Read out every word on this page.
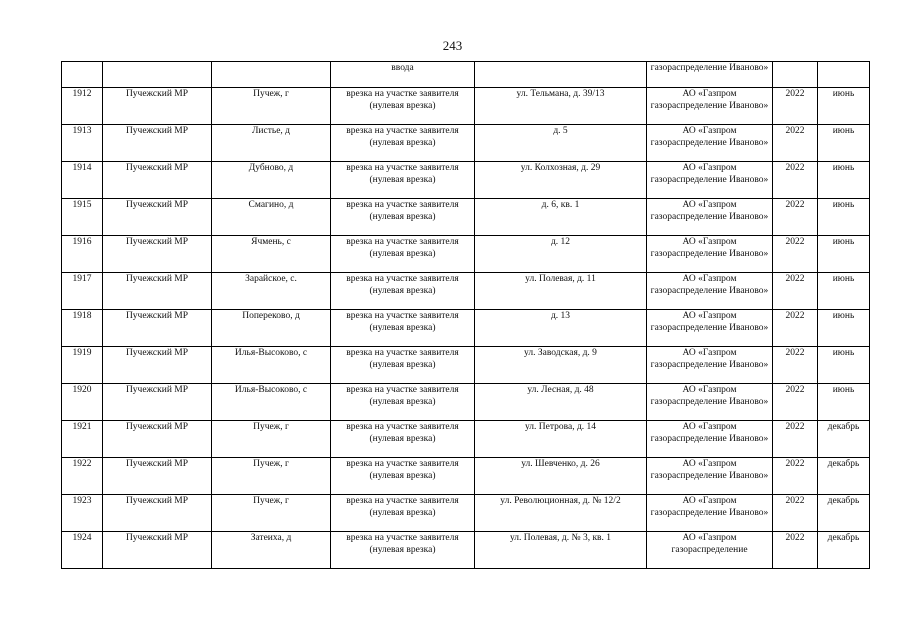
243
			ввода		газораспределение Иваново»		
1912	Пучежский МР	Пучеж, г	врезка на участке заявителя (нулевая врезка)	ул. Тельмана, д. 39/13	АО «Газпром газораспределение Иваново»	2022	июнь
1913	Пучежский МР	Листье, д	врезка на участке заявителя (нулевая врезка)	д. 5	АО «Газпром газораспределение Иваново»	2022	июнь
1914	Пучежский МР	Дубново, д	врезка на участке заявителя (нулевая врезка)	ул. Колхозная, д. 29	АО «Газпром газораспределение Иваново»	2022	июнь
1915	Пучежский МР	Смагино, д	врезка на участке заявителя (нулевая врезка)	д. 6, кв. 1	АО «Газпром газораспределение Иваново»	2022	июнь
1916	Пучежский МР	Ячмень, с	врезка на участке заявителя (нулевая врезка)	д. 12	АО «Газпром газораспределение Иваново»	2022	июнь
1917	Пучежский МР	Зарайское, с.	врезка на участке заявителя (нулевая врезка)	ул. Полевая, д. 11	АО «Газпром газораспределение Иваново»	2022	июнь
1918	Пучежский МР	Поперековo, д	врезка на участке заявителя (нулевая врезка)	д. 13	АО «Газпром газораспределение Иваново»	2022	июнь
1919	Пучежский МР	Илья-Высоково, с	врезка на участке заявителя (нулевая врезка)	ул. Заводская, д. 9	АО «Газпром газораспределение Иваново»	2022	июнь
1920	Пучежский МР	Илья-Высоково, с	врезка на участке заявителя (нулевая врезка)	ул. Лесная, д. 48	АО «Газпром газораспределение Иваново»	2022	июнь
1921	Пучежский МР	Пучеж, г	врезка на участке заявителя (нулевая врезка)	ул. Петрова, д. 14	АО «Газпром газораспределение Иваново»	2022	декабрь
1922	Пучежский МР	Пучеж, г	врезка на участке заявителя (нулевая врезка)	ул. Шевченко, д. 26	АО «Газпром газораспределение Иваново»	2022	декабрь
1923	Пучежский МР	Пучеж, г	врезка на участке заявителя (нулевая врезка)	ул. Революционная, д. № 12/2	АО «Газпром газораспределение Иваново»	2022	декабрь
1924	Пучежский МР	Затеиха, д	врезка на участке заявителя (нулевая врезка)	ул. Полевая, д. № 3, кв. 1	АО «Газпром газораспределение	2022	декабрь
